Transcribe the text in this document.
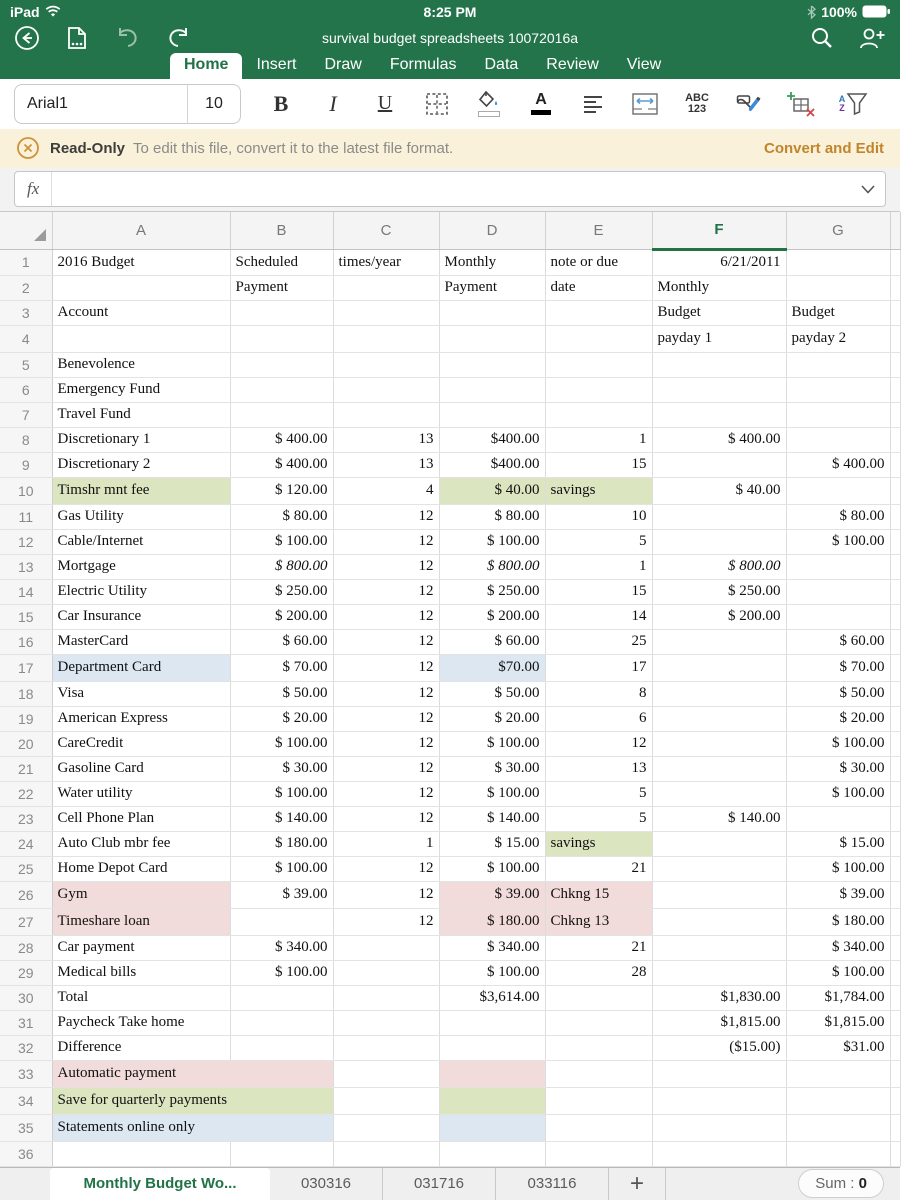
iPad	8:25 PM	100%
survival budget spreadsheets 10072016a
Home	Insert	Draw	Formulas	Data	Review	View
Arial1	10	B I U	A	ABC
123
A
Z
Read-Only To edit this file, convert it to the latest file format.	Convert and Edit
fx
	A	B	C	D	E	F	G	
1	2016 Budget	Scheduled	times/year	Monthly	note or due	6/21/2011		
2		Payment		Payment	date	Monthly		
3	Account					Budget	Budget	
4						payday 1	payday 2	
5	Benevolence							
6	Emergency Fund							
7	Travel Fund							
8	Discretionary 1	$ 400.00	13	$400.00	1	$ 400.00		
9	Discretionary 2	$ 400.00	13	$400.00	15		$ 400.00	
10	Timshr mnt fee	$ 120.00	4	$ 40.00	savings	$ 40.00		
11	Gas Utility	$ 80.00	12	$ 80.00	10		$ 80.00	
12	Cable/Internet	$ 100.00	12	$ 100.00	5		$ 100.00	
13	Mortgage	$ 800.00	12	$ 800.00	1	$ 800.00		
14	Electric Utility	$ 250.00	12	$ 250.00	15	$ 250.00		
15	Car Insurance	$ 200.00	12	$ 200.00	14	$ 200.00		
16	MasterCard	$ 60.00	12	$ 60.00	25		$ 60.00	
17	Department Card	$ 70.00	12	$70.00	17		$ 70.00	
18	Visa	$ 50.00	12	$ 50.00	8		$ 50.00	
19	American Express	$ 20.00	12	$ 20.00	6		$ 20.00	
20	CareCredit	$ 100.00	12	$ 100.00	12		$ 100.00	
21	Gasoline Card	$ 30.00	12	$ 30.00	13		$ 30.00	
22	Water utility	$ 100.00	12	$ 100.00	5		$ 100.00	
23	Cell Phone Plan	$ 140.00	12	$ 140.00	5	$ 140.00		
24	Auto Club mbr fee	$ 180.00	1	$ 15.00	savings		$ 15.00	
25	Home Depot Card	$ 100.00	12	$ 100.00	21		$ 100.00	
26	Gym	$ 39.00	12	$ 39.00	Chkng 15		$ 39.00	
27	Timeshare loan		12	$ 180.00	Chkng 13		$ 180.00	
28	Car payment	$ 340.00		$ 340.00	21		$ 340.00	
29	Medical bills	$ 100.00		$ 100.00	28		$ 100.00	
30	Total			$3,614.00		$1,830.00	$1,784.00	
31	Paycheck Take home					$1,815.00	$1,815.00	
32	Difference					($15.00)	$31.00	
33	Automatic payment							
34	Save for quarterly payments							
35	Statements online only							
36								
Monthly Budget Wo...	030316	031716	033116	+	Sum : 0
